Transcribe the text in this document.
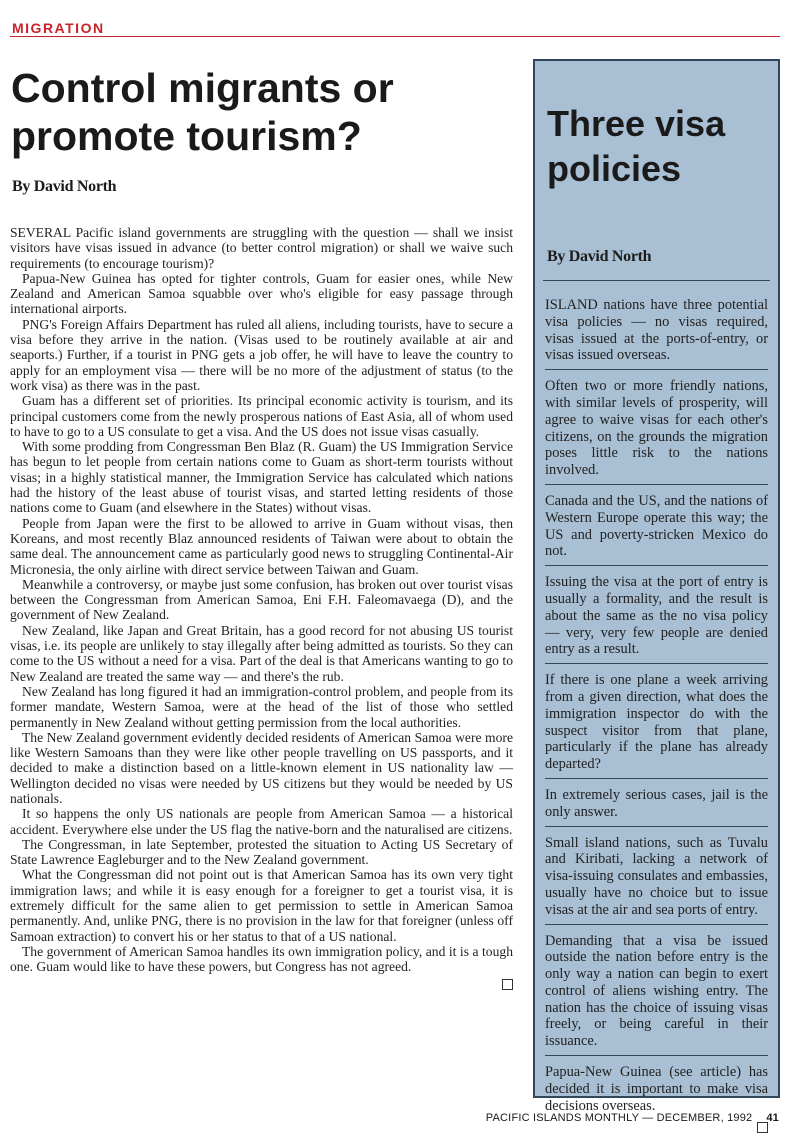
MIGRATION
Control migrants or promote tourism?
By David North

SEVERAL Pacific island governments are struggling with the question — shall we insist visitors have visas issued in advance (to better control migration) or shall we waive such requirements (to encourage tourism)?

Papua-New Guinea has opted for tighter controls, Guam for easier ones, while New Zealand and American Samoa squabble over who's eligible for easy passage through international airports.

PNG's Foreign Affairs Department has ruled all aliens, including tourists, have to secure a visa before they arrive in the nation. (Visas used to be routinely available at air and seaports.) Further, if a tourist in PNG gets a job offer, he will have to leave the country to apply for an employment visa — there will be no more of the adjustment of status (to the work visa) as there was in the past.

Guam has a different set of priorities. Its principal economic activity is tourism, and its principal customers come from the newly prosperous nations of East Asia, all of whom used to have to go to a US consulate to get a visa. And the US does not issue visas casually.

With some prodding from Congressman Ben Blaz (R. Guam) the US Immigration Service has begun to let people from certain nations come to Guam as short-term tourists without visas; in a highly statistical manner, the Immigration Service has calculated which nations had the history of the least abuse of tourist visas, and started letting residents of those nations come to Guam (and elsewhere in the States) without visas.

People from Japan were the first to be allowed to arrive in Guam without visas, then Koreans, and most recently Blaz announced residents of Taiwan were about to obtain the same deal. The announcement came as particularly good news to struggling Continental-Air Micronesia, the only airline with direct service between Taiwan and Guam.

Meanwhile a controversy, or maybe just some confusion, has broken out over tourist visas between the Congressman from American Samoa, Eni F.H. Faleomavaega (D), and the government of New Zealand.

New Zealand, like Japan and Great Britain, has a good record for not abusing US tourist visas, i.e. its people are unlikely to stay illegally after being admitted as tourists. So they can come to the US without a need for a visa. Part of the deal is that Americans wanting to go to New Zealand are treated the same way — and there's the rub.

New Zealand has long figured it had an immigration-control problem, and people from its former mandate, Western Samoa, were at the head of the list of those who settled permanently in New Zealand without getting permission from the local authorities.

The New Zealand government evidently decided residents of American Samoa were more like Western Samoans than they were like other people travelling on US passports, and it decided to make a distinction based on a little-known element in US nationality law — Wellington decided no visas were needed by US citizens but they would be needed by US nationals.

It so happens the only US nationals are people from American Samoa — a historical accident. Everywhere else under the US flag the native-born and the naturalised are citizens.

The Congressman, in late September, protested the situation to Acting US Secretary of State Lawrence Eagleburger and to the New Zealand government.

What the Congressman did not point out is that American Samoa has its own very tight immigration laws; and while it is easy enough for a foreigner to get a tourist visa, it is extremely difficult for the same alien to get permission to settle in American Samoa permanently. And, unlike PNG, there is no provision in the law for that foreigner (unless off Samoan extraction) to convert his or her status to that of a US national.

The government of American Samoa handles its own immigration policy, and it is a tough one. Guam would like to have these powers, but Congress has not agreed.

Three visa policies
By David North

ISLAND nations have three potential visa policies — no visas required, visas issued at the ports-of-entry, or visas issued overseas.

Often two or more friendly nations, with similar levels of prosperity, will agree to waive visas for each other's citizens, on the grounds the migration poses little risk to the nations involved.

Canada and the US, and the nations of Western Europe operate this way; the US and poverty-stricken Mexico do not.

Issuing the visa at the port of entry is usually a formality, and the result is about the same as the no visa policy — very, very few people are denied entry as a result.

If there is one plane a week arriving from a given direction, what does the immigration inspector do with the suspect visitor from that plane, particularly if the plane has already departed?

In extremely serious cases, jail is the only answer.

Small island nations, such as Tuvalu and Kiribati, lacking a network of visa-issuing consulates and embassies, usually have no choice but to issue visas at the air and sea ports of entry.

Demanding that a visa be issued outside the nation before entry is the only way a nation can begin to exert control of aliens wishing entry. The nation has the choice of issuing visas freely, or being careful in their issuance.

Papua-New Guinea (see article) has decided it is important to make visa decisions overseas.

PACIFIC ISLANDS MONTHLY — DECEMBER, 1992 41
